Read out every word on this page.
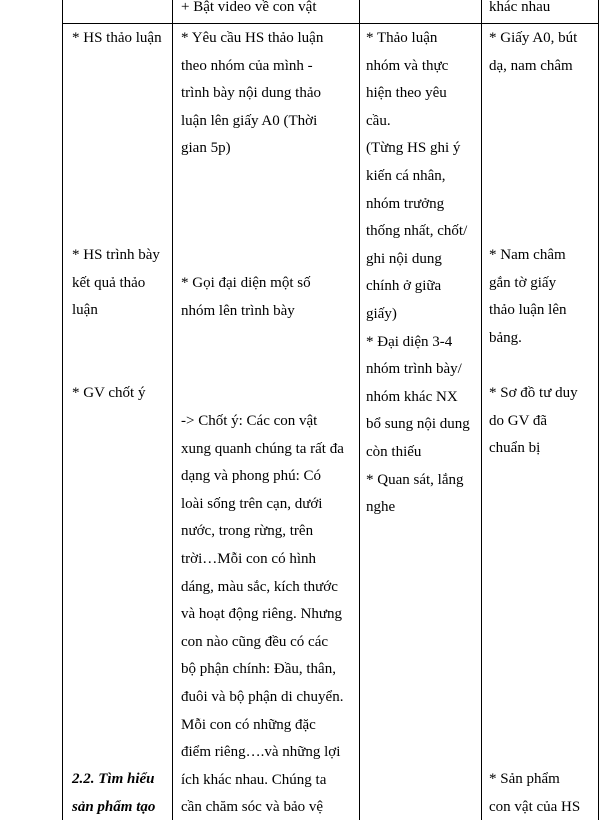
+ Bật video về con vật	khác nhau
* HS thảo luận
* HS trình bày
kết quả thảo
luận
* GV chốt ý
2.2. Tìm hiểu
sản phẩm tạo
* Yêu cầu HS thảo luận
theo nhóm của mình -
trình bày nội dung thảo
luận lên giấy A0 (Thời
gian 5p)
* Gọi đại diện một số
nhóm lên trình bày
-> Chốt ý: Các con vật
xung quanh chúng ta rất đa
dạng và phong phú: Có
loài sống trên cạn, dưới
nước, trong rừng, trên
trời…Mỗi con có hình
dáng, màu sắc, kích thước
và hoạt động riêng. Nhưng
con nào cũng đều có các
bộ phận chính: Đầu, thân,
đuôi và bộ phận di chuyển.
Mỗi con có những đặc
điểm riêng….và những lợi
ích khác nhau. Chúng ta
cần chăm sóc và bảo vệ
* Thảo luận
nhóm và thực
hiện theo yêu
cầu.
(Từng HS ghi ý
kiến cá nhân,
nhóm trưởng
thống nhất, chốt/
ghi nội dung
chính ở giữa
giấy)
* Đại diện 3-4
nhóm trình bày/
nhóm khác NX
bổ sung nội dung
còn thiếu
* Quan sát, lắng
nghe
* Giấy A0, bút
dạ, nam châm
* Nam châm
gắn tờ giấy
thảo luận lên
bảng.
* Sơ đồ tư duy
do GV đã
chuẩn bị
* Sản phẩm
con vật của HS
